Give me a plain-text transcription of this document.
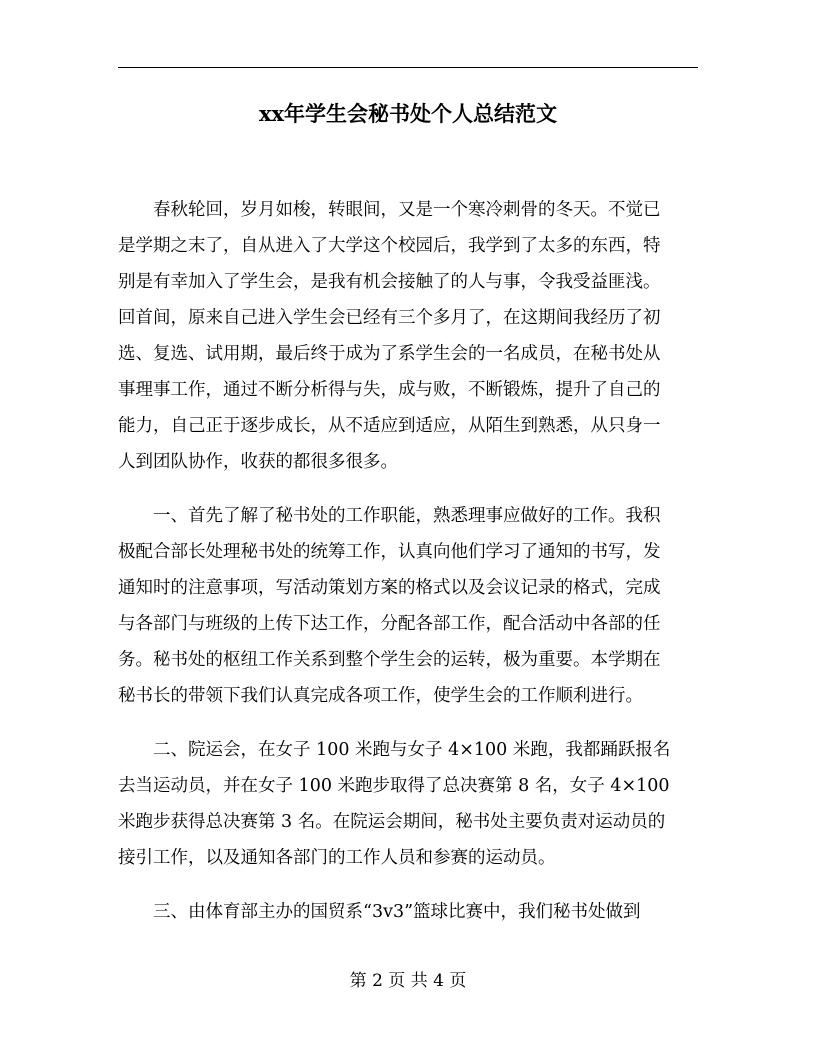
xx年学生会秘书处个人总结范文
　　春秋轮回，岁月如梭，转眼间，又是一个寒冷刺骨的冬天。不觉已
是学期之末了，自从进入了大学这个校园后，我学到了太多的东西，特
别是有幸加入了学生会，是我有机会接触了的人与事，令我受益匪浅。
回首间，原来自己进入学生会已经有三个多月了，在这期间我经历了初
选、复选、试用期，最后终于成为了系学生会的一名成员，在秘书处从
事理事工作，通过不断分析得与失，成与败，不断锻炼，提升了自己的
能力，自己正于逐步成长，从不适应到适应，从陌生到熟悉，从只身一
人到团队协作，收获的都很多很多。
　　一、首先了解了秘书处的工作职能，熟悉理事应做好的工作。我积
极配合部长处理秘书处的统筹工作，认真向他们学习了通知的书写，发
通知时的注意事项，写活动策划方案的格式以及会议记录的格式，完成
与各部门与班级的上传下达工作，分配各部工作，配合活动中各部的任
务。秘书处的枢纽工作关系到整个学生会的运转，极为重要。本学期在
秘书长的带领下我们认真完成各项工作，使学生会的工作顺利进行。
　　二、院运会，在女子 100 米跑与女子 4×100 米跑，我都踊跃报名
去当运动员，并在女子 100 米跑步取得了总决赛第 8 名，女子 4×100
米跑步获得总决赛第 3 名。在院运会期间，秘书处主要负责对运动员的
接引工作，以及通知各部门的工作人员和参赛的运动员。
　　三、由体育部主办的国贸系“3v3”篮球比赛中，我们秘书处做到
第 2 页 共 4 页
